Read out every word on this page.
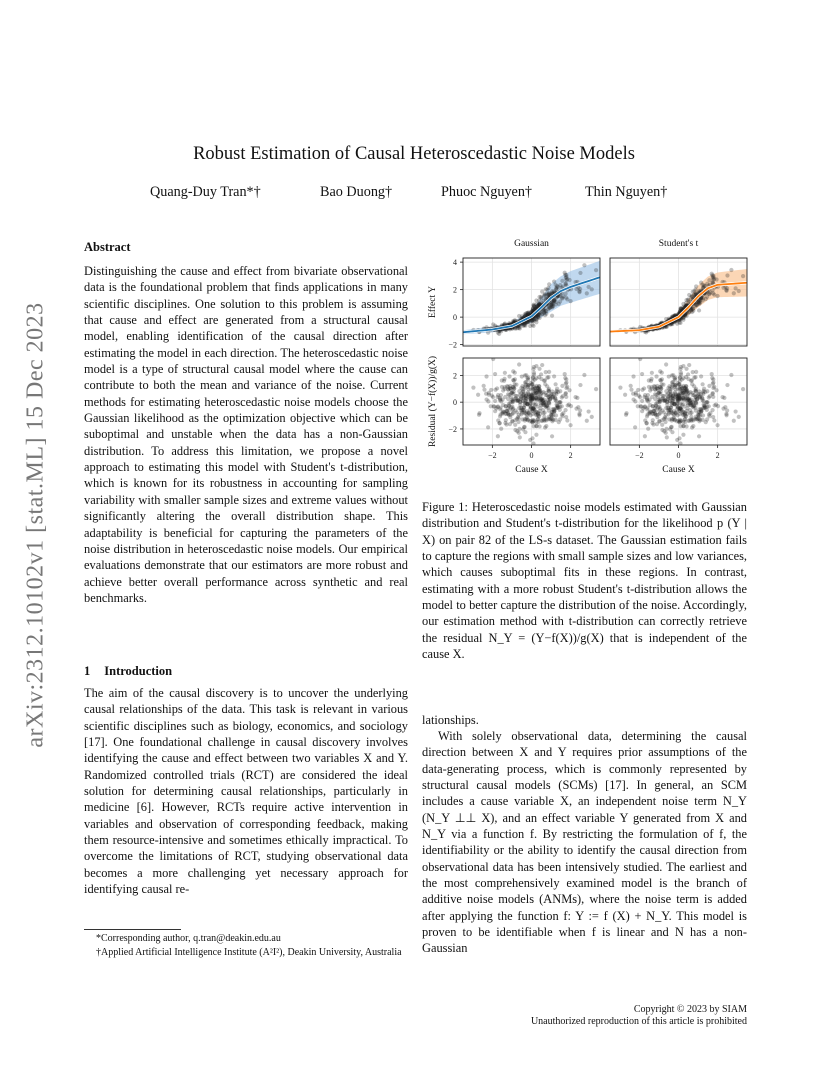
arXiv:2312.10102v1 [stat.ML] 15 Dec 2023
Robust Estimation of Causal Heteroscedastic Noise Models
Quang-Duy Tran*†	Bao Duong†	Phuoc Nguyen†	Thin Nguyen†
Abstract
Distinguishing the cause and effect from bivariate observational data is the foundational problem that finds applications in many scientific disciplines. One solution to this problem is assuming that cause and effect are generated from a structural causal model, enabling identification of the causal direction after estimating the model in each direction. The heteroscedastic noise model is a type of structural causal model where the cause can contribute to both the mean and variance of the noise. Current methods for estimating heteroscedastic noise models choose the Gaussian likelihood as the optimization objective which can be suboptimal and unstable when the data has a non-Gaussian distribution. To address this limitation, we propose a novel approach to estimating this model with Student's t-distribution, which is known for its robustness in accounting for sampling variability with smaller sample sizes and extreme values without significantly altering the overall distribution shape. This adaptability is beneficial for capturing the parameters of the noise distribution in heteroscedastic noise models. Our empirical evaluations demonstrate that our estimators are more robust and achieve better overall performance across synthetic and real benchmarks.
1 Introduction
The aim of the causal discovery is to uncover the underlying causal relationships of the data. This task is relevant in various scientific disciplines such as biology, economics, and sociology [17]. One foundational challenge in causal discovery involves identifying the cause and effect between two variables X and Y. Randomized controlled trials (RCT) are considered the ideal solution for determining causal relationships, particularly in medicine [6]. However, RCTs require active intervention in variables and observation of corresponding feedback, making them resource-intensive and sometimes ethically impractical. To overcome the limitations of RCT, studying observational data becomes a more challenging yet necessary approach for identifying causal re-
*Corresponding author, q.tran@deakin.edu.au
†Applied Artificial Intelligence Institute (A²I²), Deakin University, Australia
−2
0
2
4
Gaussian
Effect Y
Student's t
−2
0
2
−2	0	2
Cause X
Residual (Y−f(X))/g(X)
−2	0	2
Cause X
Figure 1: Heteroscedastic noise models estimated with Gaussian distribution and Student's t-distribution for the likelihood p (Y | X) on pair 82 of the LS-s dataset. The Gaussian estimation fails to capture the regions with small sample sizes and low variances, which causes suboptimal fits in these regions. In contrast, estimating with a more robust Student's t-distribution allows the model to better capture the distribution of the noise. Accordingly, our estimation method with t-distribution can correctly retrieve the residual N_Y = (Y−f(X))/g(X) that is independent of the cause X.
lationships.
With solely observational data, determining the causal direction between X and Y requires prior assumptions of the data-generating process, which is commonly represented by structural causal models (SCMs) [17]. In general, an SCM includes a cause variable X, an independent noise term N_Y (N_Y ⊥⊥ X), and an effect variable Y generated from X and N_Y via a function f. By restricting the formulation of f, the identifiability or the ability to identify the causal direction from observational data has been intensively studied. The earliest and the most comprehensively examined model is the branch of additive noise models (ANMs), where the noise term is added after applying the function f: Y := f (X) + N_Y. This model is proven to be identifiable when f is linear and N has a non-Gaussian
Copyright © 2023 by SIAM
Unauthorized reproduction of this article is prohibited
